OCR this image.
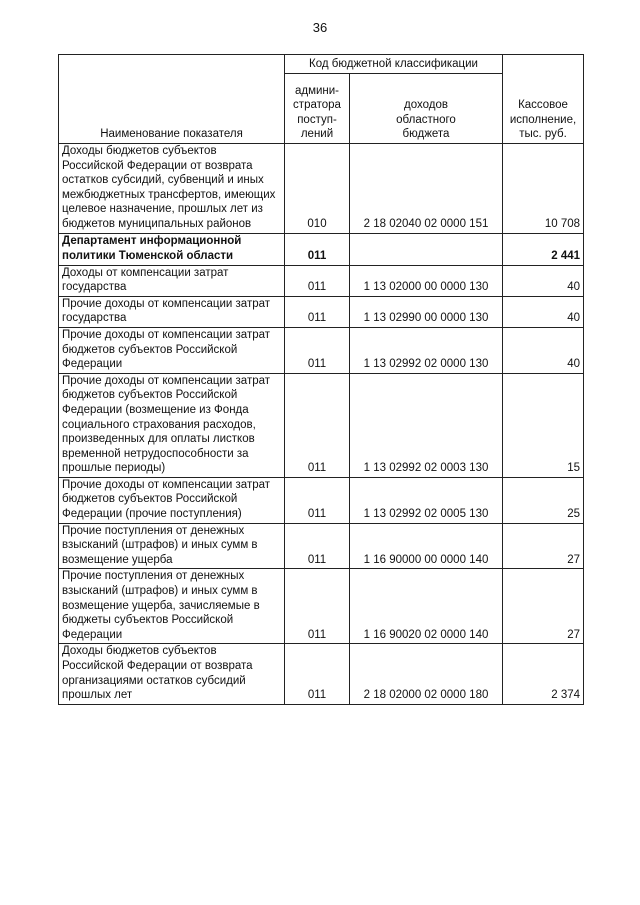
36
Наименование показателя	Код бюджетной классификации		Кассовое
исполнение,
тыс. руб.

	админи-
стратора
поступ-
лений	доходов
областного
бюджета	

Доходы бюджетов субъектов Российской Федерации от возврата остатков субсидий, субвенций и иных межбюджетных трансфертов, имеющих целевое назначение, прошлых лет из бюджетов муниципальных районов	010	2 18 02040 02 0000 151	10 708
Департамент информационной политики Тюменской области	011		2 441
Доходы от компенсации затрат государства	011	1 13 02000 00 0000 130	40
Прочие доходы от компенсации затрат государства	011	1 13 02990 00 0000 130	40
Прочие доходы от компенсации затрат бюджетов субъектов Российской Федерации	011	1 13 02992 02 0000 130	40
Прочие доходы от компенсации затрат бюджетов субъектов Российской Федерации (возмещение из Фонда социального страхования расходов, произведенных для оплаты листков временной нетрудоспособности за прошлые периоды)	011	1 13 02992 02 0003 130	15
Прочие доходы от компенсации затрат бюджетов субъектов Российской Федерации (прочие поступления)	011	1 13 02992 02 0005 130	25
Прочие поступления от денежных взысканий (штрафов) и иных сумм в возмещение ущерба	011	1 16 90000 00 0000 140	27
Прочие поступления от денежных взысканий (штрафов) и иных сумм в возмещение ущерба, зачисляемые в бюджеты субъектов Российской Федерации	011	1 16 90020 02 0000 140	27
Доходы бюджетов субъектов Российской Федерации от возврата организациями остатков субсидий прошлых лет	011	2 18 02000 02 0000 180	2 374
